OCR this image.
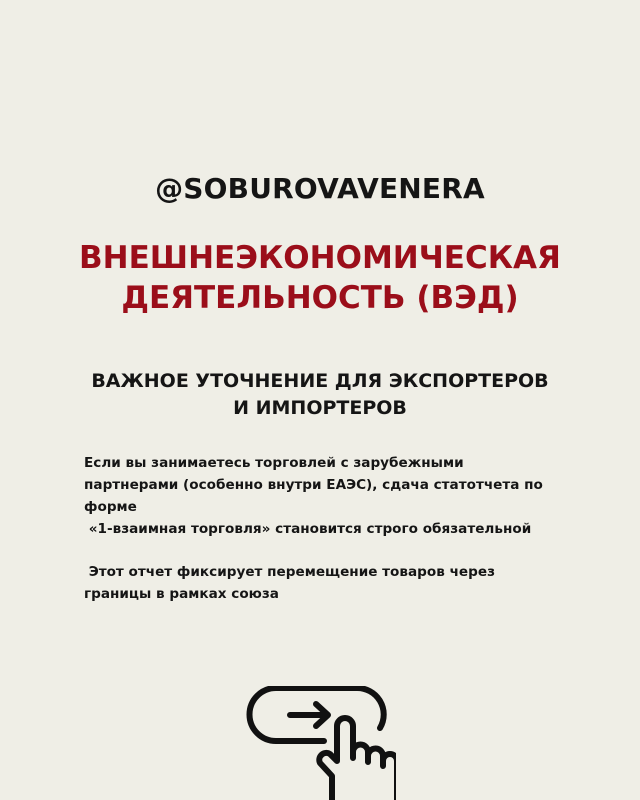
@SOBUROVAVENERA
ВНЕШНЕЭКОНОМИЧЕСКАЯ
ДЕЯТЕЛЬНОСТЬ (ВЭД)
ВАЖНОЕ УТОЧНЕНИЕ ДЛЯ ЭКСПОРТЕРОВ
И ИМПОРТЕРОВ

Если вы занимаетесь торговлей с зарубежными
партнерами (особенно внутри ЕАЭС), сдача статотчета по
форме
«1-взаимная торговля» становится строго обязательной

Этот отчет фиксирует перемещение товаров через
границы в рамках союза
